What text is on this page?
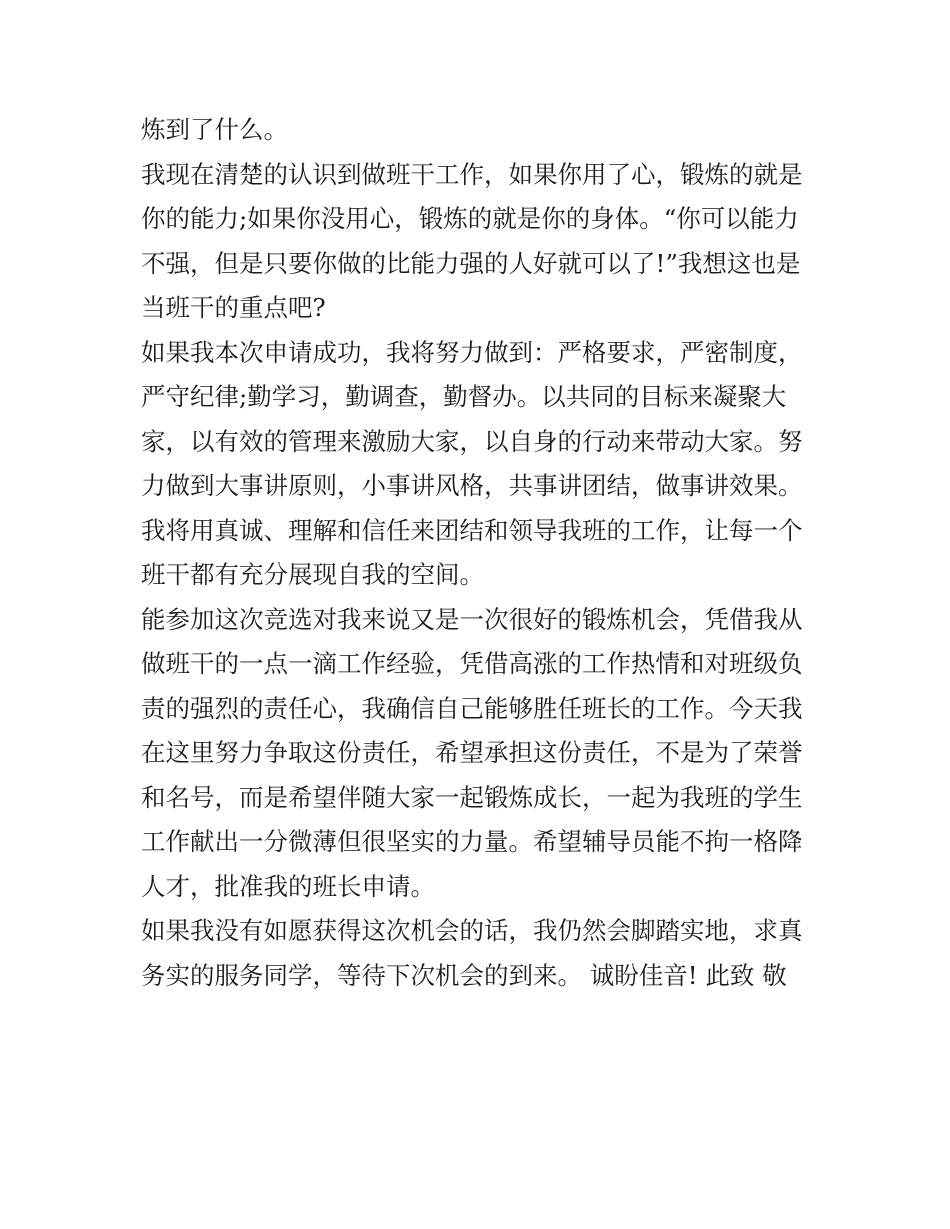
炼到了什么。
我现在清楚的认识到做班干工作，如果你用了心，锻炼的就是
你的能力;如果你没用心，锻炼的就是你的身体。“你可以能力
不强，但是只要你做的比能力强的人好就可以了!”我想这也是
当班干的重点吧?
如果我本次申请成功，我将努力做到：严格要求，严密制度，
严守纪律;勤学习，勤调查，勤督办。以共同的目标来凝聚大
家，以有效的管理来激励大家，以自身的行动来带动大家。努
力做到大事讲原则，小事讲风格，共事讲团结，做事讲效果。
我将用真诚、理解和信任来团结和领导我班的工作，让每一个
班干都有充分展现自我的空间。
能参加这次竞选对我来说又是一次很好的锻炼机会，凭借我从
做班干的一点一滴工作经验，凭借高涨的工作热情和对班级负
责的强烈的责任心，我确信自己能够胜任班长的工作。今天我
在这里努力争取这份责任，希望承担这份责任，不是为了荣誉
和名号，而是希望伴随大家一起锻炼成长，一起为我班的学生
工作献出一分微薄但很坚实的力量。希望辅导员能不拘一格降
人才，批准我的班长申请。
如果我没有如愿获得这次机会的话，我仍然会脚踏实地，求真
务实的服务同学，等待下次机会的到来。 诚盼佳音! 此致 敬
